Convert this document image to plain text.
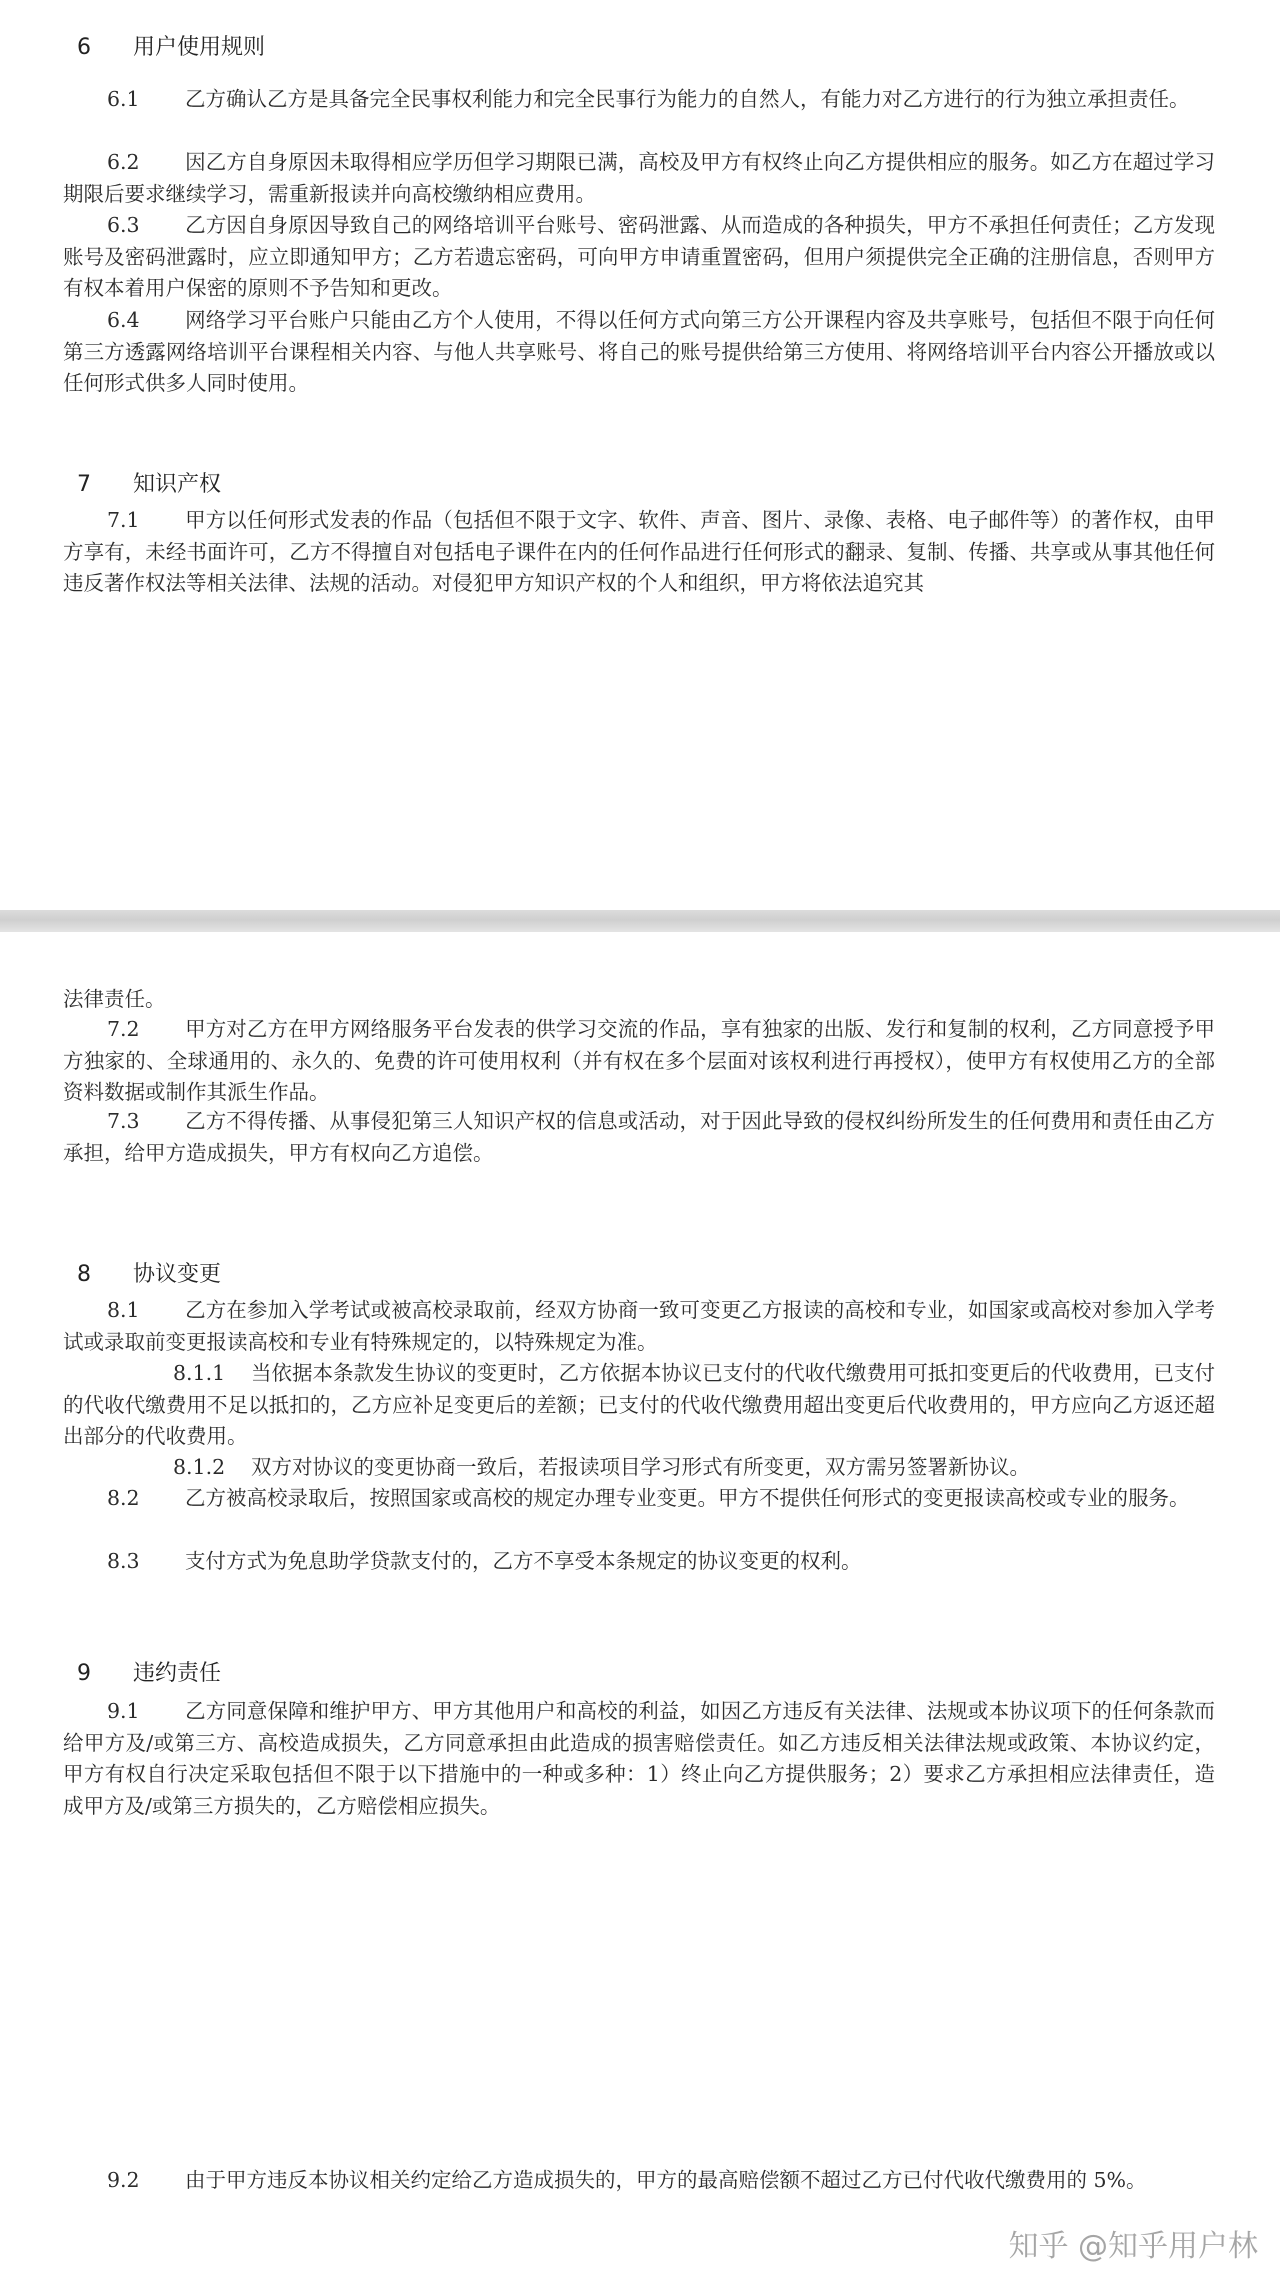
6 用户使用规则

6.1 乙方确认乙方是具备完全民事权利能力和完全民事行为能力的自然人，有能力对乙方进行的行为独立承担责任。

6.2 因乙方自身原因未取得相应学历但学习期限已满，高校及甲方有权终止向乙方提供相应的服务。如乙方在超过学习期限后要求继续学习，需重新报读并向高校缴纳相应费用。

6.3 乙方因自身原因导致自己的网络培训平台账号、密码泄露、从而造成的各种损失，甲方不承担任何责任；乙方发现账号及密码泄露时，应立即通知甲方；乙方若遗忘密码，可向甲方申请重置密码，但用户须提供完全正确的注册信息，否则甲方有权本着用户保密的原则不予告知和更改。

6.4 网络学习平台账户只能由乙方个人使用，不得以任何方式向第三方公开课程内容及共享账号，包括但不限于向任何第三方透露网络培训平台课程相关内容、与他人共享账号、将自己的账号提供给第三方使用、将网络培训平台内容公开播放或以任何形式供多人同时使用。

7 知识产权

7.1 甲方以任何形式发表的作品（包括但不限于文字、软件、声音、图片、录像、表格、电子邮件等）的著作权，由甲方享有，未经书面许可，乙方不得擅自对包括电子课件在内的任何作品进行任何形式的翻录、复制、传播、共享或从事其他任何违反著作权法等相关法律、法规的活动。对侵犯甲方知识产权的个人和组织，甲方将依法追究其

法律责任。

7.2 甲方对乙方在甲方网络服务平台发表的供学习交流的作品，享有独家的出版、发行和复制的权利，乙方同意授予甲方独家的、全球通用的、永久的、免费的许可使用权利（并有权在多个层面对该权利进行再授权），使甲方有权使用乙方的全部资料数据或制作其派生作品。

7.3 乙方不得传播、从事侵犯第三人知识产权的信息或活动，对于因此导致的侵权纠纷所发生的任何费用和责任由乙方承担，给甲方造成损失，甲方有权向乙方追偿。

8 协议变更

8.1 乙方在参加入学考试或被高校录取前，经双方协商一致可变更乙方报读的高校和专业，如国家或高校对参加入学考试或录取前变更报读高校和专业有特殊规定的，以特殊规定为准。

8.1.1 当依据本条款发生协议的变更时，乙方依据本协议已支付的代收代缴费用可抵扣变更后的代收费用，已支付的代收代缴费用不足以抵扣的，乙方应补足变更后的差额；已支付的代收代缴费用超出变更后代收费用的，甲方应向乙方返还超出部分的代收费用。

8.1.2 双方对协议的变更协商一致后，若报读项目学习形式有所变更，双方需另签署新协议。

8.2 乙方被高校录取后，按照国家或高校的规定办理专业变更。甲方不提供任何形式的变更报读高校或专业的服务。

8.3 支付方式为免息助学贷款支付的，乙方不享受本条规定的协议变更的权利。

9 违约责任

9.1 乙方同意保障和维护甲方、甲方其他用户和高校的利益，如因乙方违反有关法律、法规或本协议项下的任何条款而给甲方及/或第三方、高校造成损失，乙方同意承担由此造成的损害赔偿责任。如乙方违反相关法律法规或政策、本协议约定，甲方有权自行决定采取包括但不限于以下措施中的一种或多种：1）终止向乙方提供服务；2）要求乙方承担相应法律责任，造成甲方及/或第三方损失的，乙方赔偿相应损失。

9.2 由于甲方违反本协议相关约定给乙方造成损失的，甲方的最高赔偿额不超过乙方已付代收代缴费用的 5%。

知乎 @知乎用户林
